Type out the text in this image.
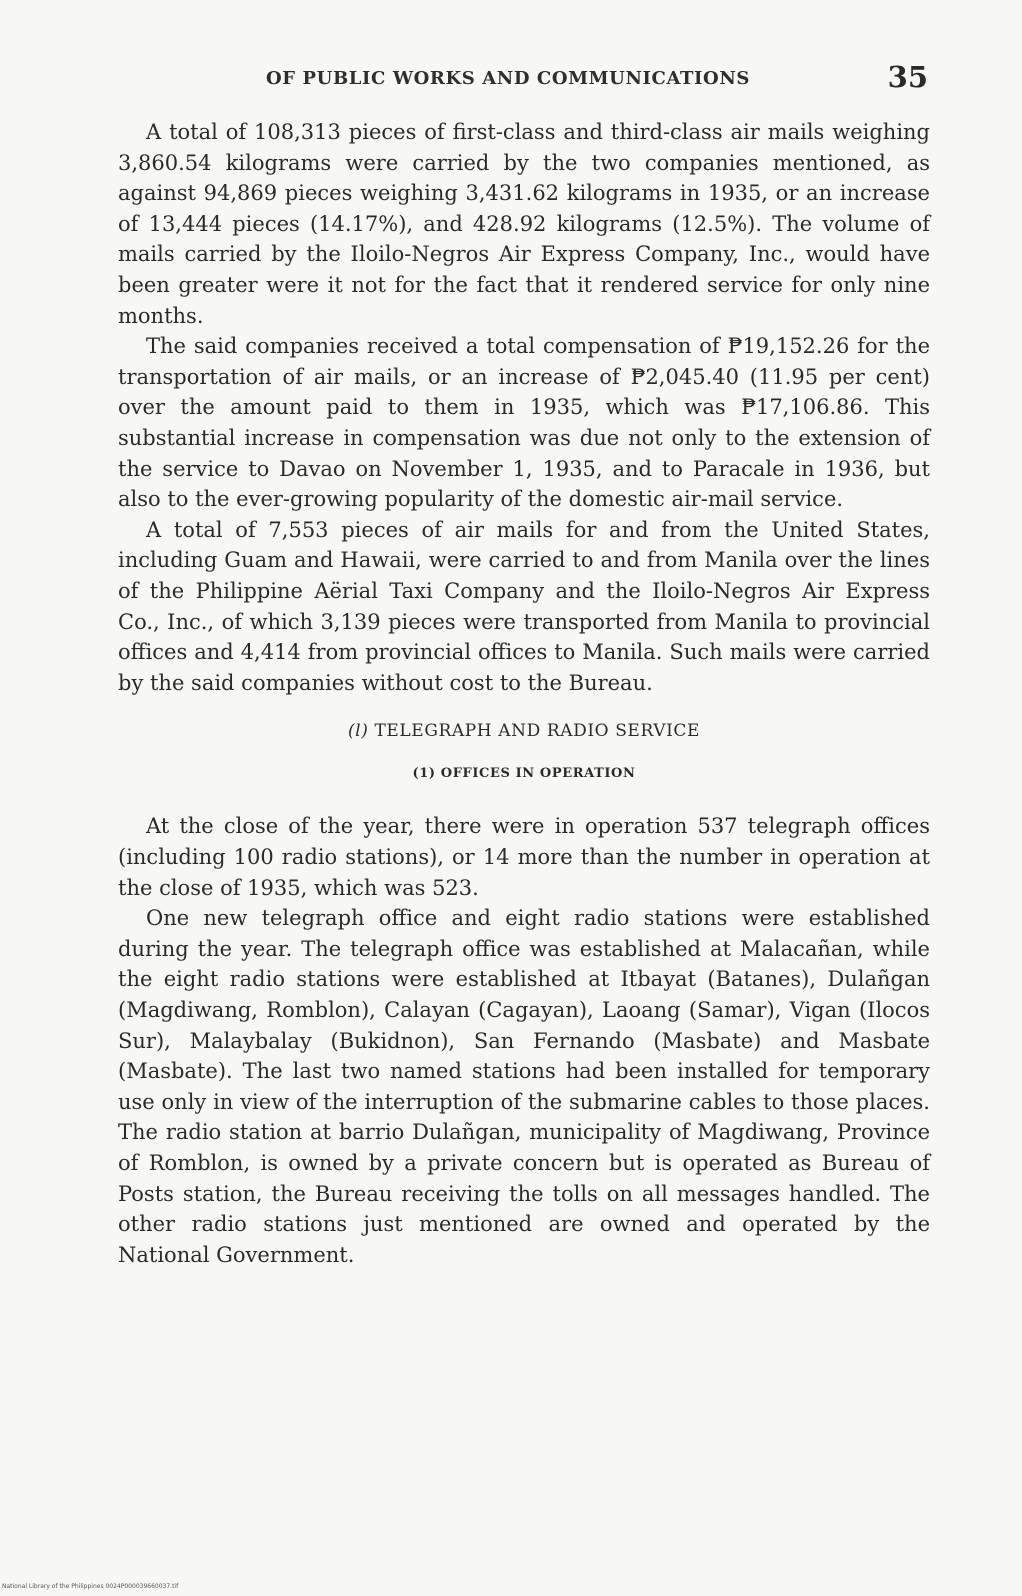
OF PUBLIC WORKS AND COMMUNICATIONS	35

A total of 108,313 pieces of first-class and third-class air mails weighing 3,860.54 kilograms were carried by the two companies mentioned, as against 94,869 pieces weighing 3,431.62 kilograms in 1935, or an increase of 13,444 pieces (14.17%), and 428.92 kilograms (12.5%). The volume of mails carried by the Iloilo-Negros Air Express Company, Inc., would have been greater were it not for the fact that it rendered service for only nine months.

The said companies received a total compensation of ₱19,152.26 for the transportation of air mails, or an increase of ₱2,045.40 (11.95 per cent) over the amount paid to them in 1935, which was ₱17,106.86. This substantial increase in compensation was due not only to the extension of the service to Davao on November 1, 1935, and to Paracale in 1936, but also to the ever-growing popularity of the domestic air-mail service.

A total of 7,553 pieces of air mails for and from the United States, including Guam and Hawaii, were carried to and from Manila over the lines of the Philippine Aërial Taxi Company and the Iloilo-Negros Air Express Co., Inc., of which 3,139 pieces were transported from Manila to provincial offices and 4,414 from provincial offices to Manila. Such mails were carried by the said companies without cost to the Bureau.

(l) TELEGRAPH AND RADIO SERVICE
(1) OFFICES IN OPERATION

At the close of the year, there were in operation 537 telegraph offices (including 100 radio stations), or 14 more than the number in operation at the close of 1935, which was 523.

One new telegraph office and eight radio stations were established during the year. The telegraph office was established at Malacañan, while the eight radio stations were established at Itbayat (Batanes), Dulañgan (Magdiwang, Romblon), Calayan (Cagayan), Laoang (Samar), Vigan (Ilocos Sur), Malaybalay (Bukidnon), San Fernando (Masbate) and Masbate (Masbate). The last two named stations had been installed for temporary use only in view of the interruption of the submarine cables to those places. The radio station at barrio Dulañgan, municipality of Magdiwang, Province of Romblon, is owned by a private concern but is operated as Bureau of Posts station, the Bureau receiving the tolls on all messages handled. The other radio stations just mentioned are owned and operated by the National Government.

National Library of the Philippines 0024P000039660037.tif
